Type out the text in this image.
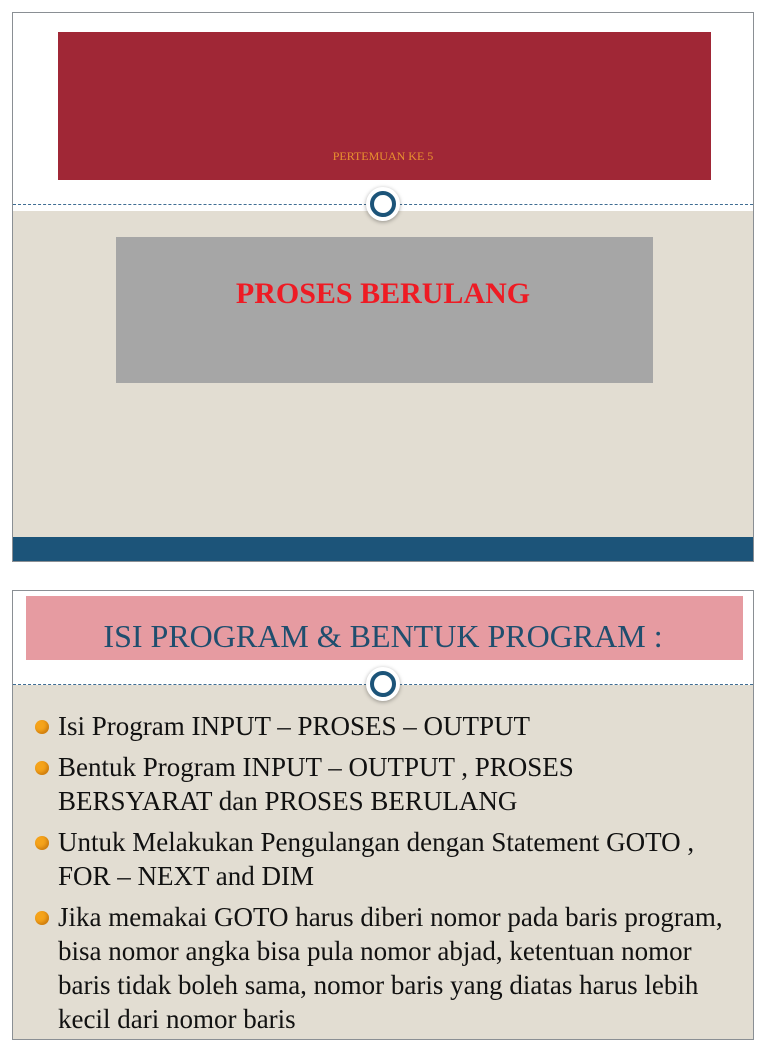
PERTEMUAN KE 5
PROSES BERULANG
ISI PROGRAM & BENTUK PROGRAM :
Isi Program INPUT – PROSES – OUTPUT
Bentuk Program INPUT – OUTPUT , PROSES BERSYARAT dan PROSES BERULANG
Untuk Melakukan Pengulangan dengan Statement GOTO , FOR – NEXT and DIM
Jika memakai GOTO harus diberi nomor pada baris program, bisa nomor angka bisa pula nomor abjad, ketentuan nomor baris tidak boleh sama, nomor baris yang diatas harus lebih kecil dari nomor baris
